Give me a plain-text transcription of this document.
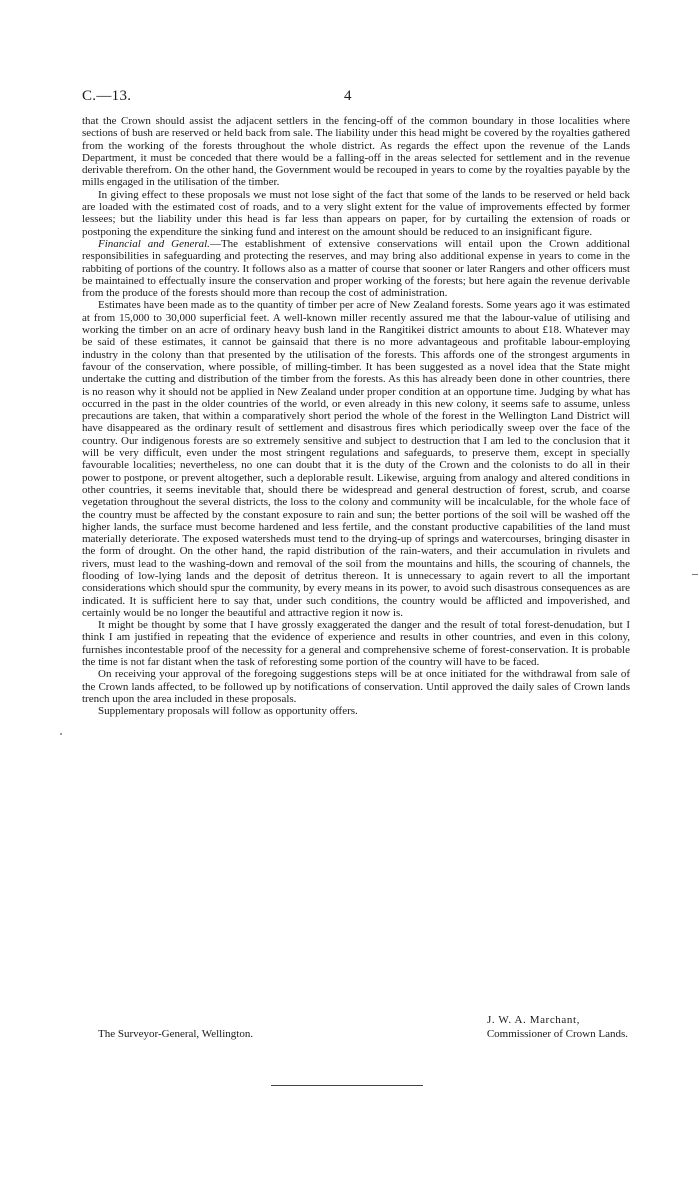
C.—13.	4

that the Crown should assist the adjacent settlers in the fencing-off of the common boundary in those localities where sections of bush are reserved or held back from sale. The liability under this head might be covered by the royalties gathered from the working of the forests throughout the whole district. As regards the effect upon the revenue of the Lands Department, it must be conceded that there would be a falling-off in the areas selected for settlement and in the revenue derivable therefrom. On the other hand, the Government would be recouped in years to come by the royalties payable by the mills engaged in the utilisation of the timber.

In giving effect to these proposals we must not lose sight of the fact that some of the lands to be reserved or held back are loaded with the estimated cost of roads, and to a very slight extent for the value of improvements effected by former lessees; but the liability under this head is far less than appears on paper, for by curtailing the extension of roads or postponing the expenditure the sinking fund and interest on the amount should be reduced to an insignificant figure.

Financial and General.—The establishment of extensive conservations will entail upon the Crown additional responsibilities in safeguarding and protecting the reserves, and may bring also additional expense in years to come in the rabbiting of portions of the country. It follows also as a matter of course that sooner or later Rangers and other officers must be maintained to effectually insure the conservation and proper working of the forests; but here again the revenue derivable from the produce of the forests should more than recoup the cost of administration.

Estimates have been made as to the quantity of timber per acre of New Zealand forests. Some years ago it was estimated at from 15,000 to 30,000 superficial feet. A well-known miller recently assured me that the labour-value of utilising and working the timber on an acre of ordinary heavy bush land in the Rangitikei district amounts to about £18. Whatever may be said of these estimates, it cannot be gainsaid that there is no more advantageous and profitable labour-employing industry in the colony than that presented by the utilisation of the forests. This affords one of the strongest arguments in favour of the conservation, where possible, of milling-timber. It has been suggested as a novel idea that the State might undertake the cutting and distribution of the timber from the forests. As this has already been done in other countries, there is no reason why it should not be applied in New Zealand under proper condition at an opportune time. Judging by what has occurred in the past in the older countries of the world, or even already in this new colony, it seems safe to assume, unless precautions are taken, that within a comparatively short period the whole of the forest in the Wellington Land District will have disappeared as the ordinary result of settlement and disastrous fires which periodically sweep over the face of the country. Our indigenous forests are so extremely sensitive and subject to destruction that I am led to the conclusion that it will be very difficult, even under the most stringent regulations and safeguards, to preserve them, except in specially favourable localities; nevertheless, no one can doubt that it is the duty of the Crown and the colonists to do all in their power to postpone, or prevent altogether, such a deplorable result. Likewise, arguing from analogy and altered conditions in other countries, it seems inevitable that, should there be widespread and general destruction of forest, scrub, and coarse vegetation throughout the several districts, the loss to the colony and community will be incalculable, for the whole face of the country must be affected by the constant exposure to rain and sun; the better portions of the soil will be washed off the higher lands, the surface must become hardened and less fertile, and the constant productive capabilities of the land must materially deteriorate. The exposed watersheds must tend to the drying-up of springs and watercourses, bringing disaster in the form of drought. On the other hand, the rapid distribution of the rain-waters, and their accumulation in rivulets and rivers, must lead to the washing-down and removal of the soil from the mountains and hills, the scouring of channels, the flooding of low-lying lands and the deposit of detritus thereon. It is unnecessary to again revert to all the important considerations which should spur the community, by every means in its power, to avoid such disastrous consequences as are indicated. It is sufficient here to say that, under such conditions, the country would be afflicted and impoverished, and certainly would be no longer the beautiful and attractive region it now is.

It might be thought by some that I have grossly exaggerated the danger and the result of total forest-denudation, but I think I am justified in repeating that the evidence of experience and results in other countries, and even in this colony, furnishes incontestable proof of the necessity for a general and comprehensive scheme of forest-conservation. It is probable the time is not far distant when the task of reforesting some portion of the country will have to be faced.

On receiving your approval of the foregoing suggestions steps will be at once initiated for the withdrawal from sale of the Crown lands affected, to be followed up by notifications of conservation. Until approved the daily sales of Crown lands trench upon the area included in these proposals.

Supplementary proposals will follow as opportunity offers.

J. W. A. Marchant,
The Surveyor-General, Wellington.	Commissioner of Crown Lands.
